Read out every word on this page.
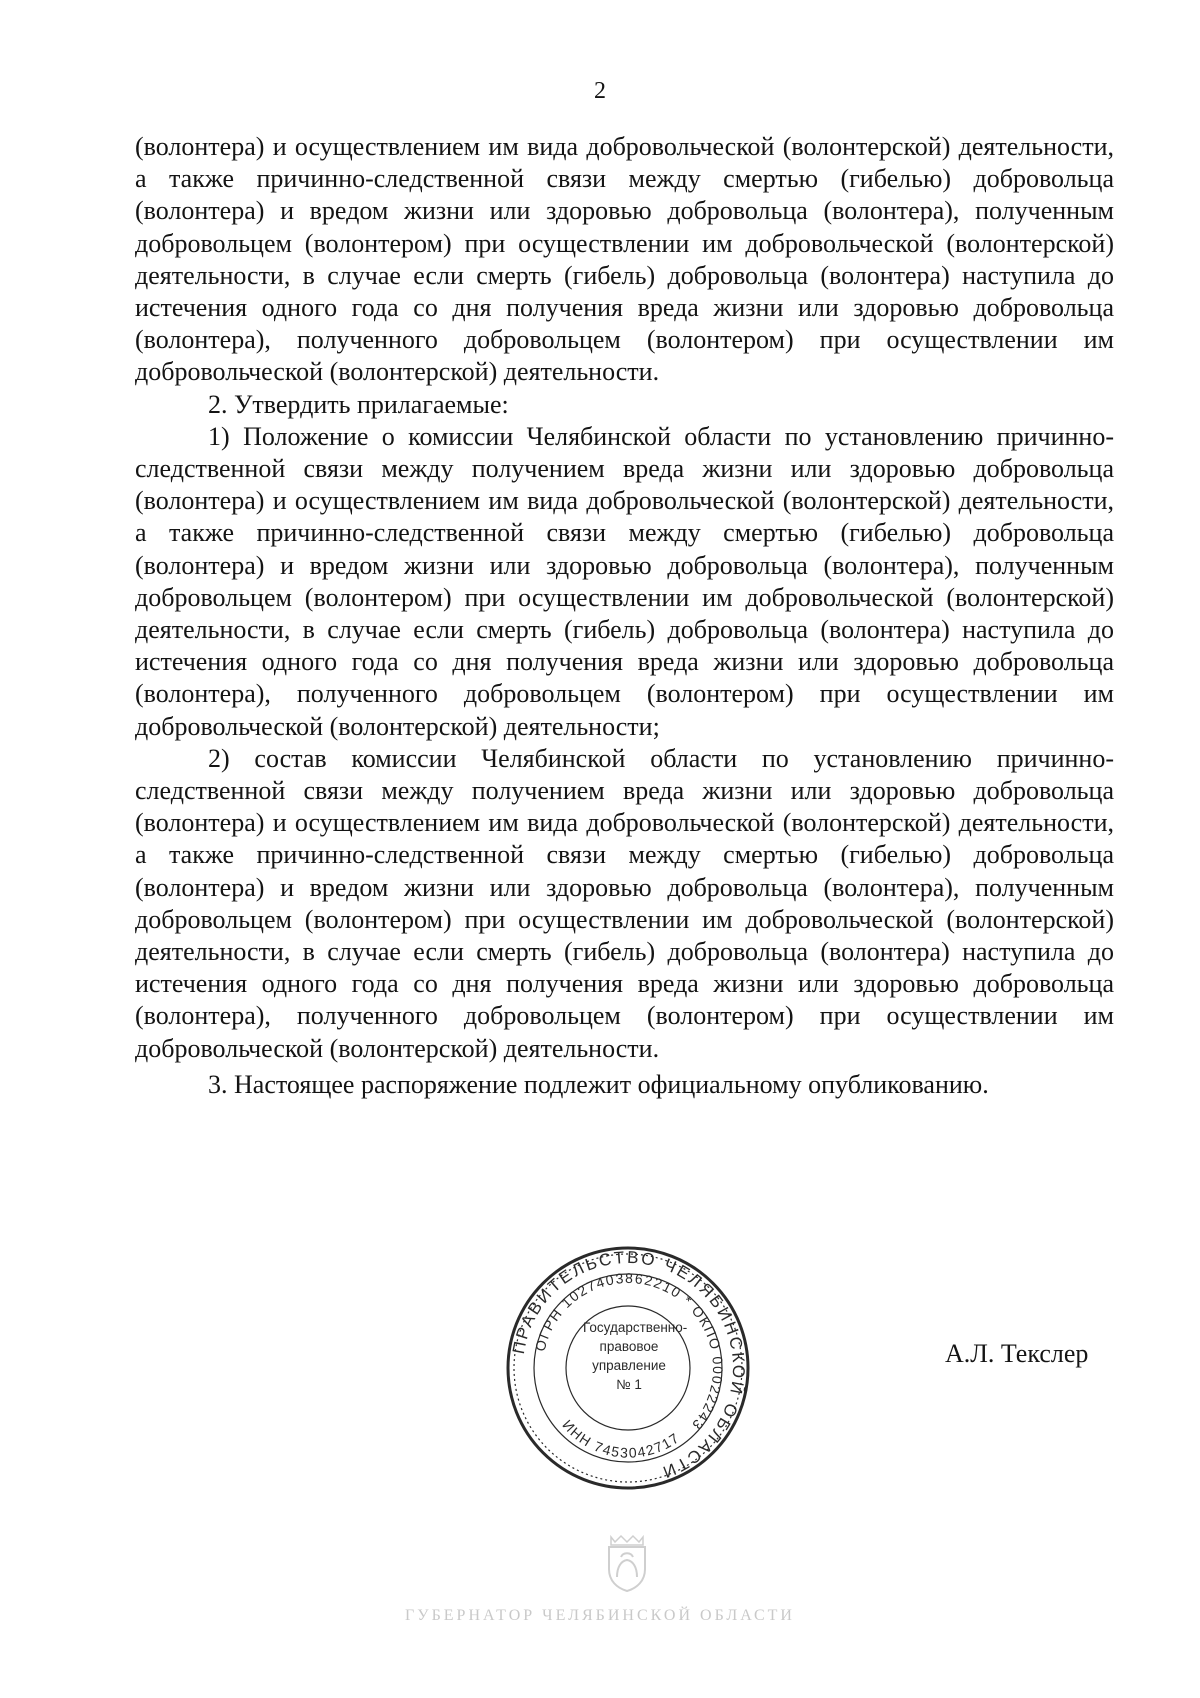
2

(волонтера) и осуществлением им вида добровольческой (волонтерской) деятельности, а также причинно-следственной связи между смертью (гибелью) добровольца (волонтера) и вредом жизни или здоровью добровольца (волонтера), полученным добровольцем (волонтером) при осуществлении им добровольческой (волонтерской) деятельности, в случае если смерть (гибель) добровольца (волонтера) наступила до истечения одного года со дня получения вреда жизни или здоровью добровольца (волонтера), полученного добровольцем (волонтером) при осуществлении им добровольческой (волонтерской) деятельности.

2. Утвердить прилагаемые:

1) Положение о комиссии Челябинской области по установлению причинно-следственной связи между получением вреда жизни или здоровью добровольца (волонтера) и осуществлением им вида добровольческой (волонтерской) деятельности, а также причинно-следственной связи между смертью (гибелью) добровольца (волонтера) и вредом жизни или здоровью добровольца (волонтера), полученным добровольцем (волонтером) при осуществлении им добровольческой (волонтерской) деятельности, в случае если смерть (гибель) добровольца (волонтера) наступила до истечения одного года со дня получения вреда жизни или здоровью добровольца (волонтера), полученного добровольцем (волонтером) при осуществлении им добровольческой (волонтерской) деятельности;

2) состав комиссии Челябинской области по установлению причинно-следственной связи между получением вреда жизни или здоровью добровольца (волонтера) и осуществлением им вида добровольческой (волонтерской) деятельности, а также причинно-следственной связи между смертью (гибелью) добровольца (волонтера) и вредом жизни или здоровью добровольца (волонтера), полученным добровольцем (волонтером) при осуществлении им добровольческой (волонтерской) деятельности, в случае если смерть (гибель) добровольца (волонтера) наступила до истечения одного года со дня получения вреда жизни или здоровью добровольца (волонтера), полученного добровольцем (волонтером) при осуществлении им добровольческой (волонтерской) деятельности.

3. Настоящее распоряжение подлежит официальному опубликованию.

ПРАВИТЕЛЬСТВО ЧЕЛЯБИНСКОЙ ОБЛАСТИ
ОГРН 1027403862210 * ОКПО 00022243
ИНН 7453042717
Государственно-
правовое
управление
№ 1
А.Л. Текслер
ГУБЕРНАТОР ЧЕЛЯБИНСКОЙ ОБЛАСТИ
